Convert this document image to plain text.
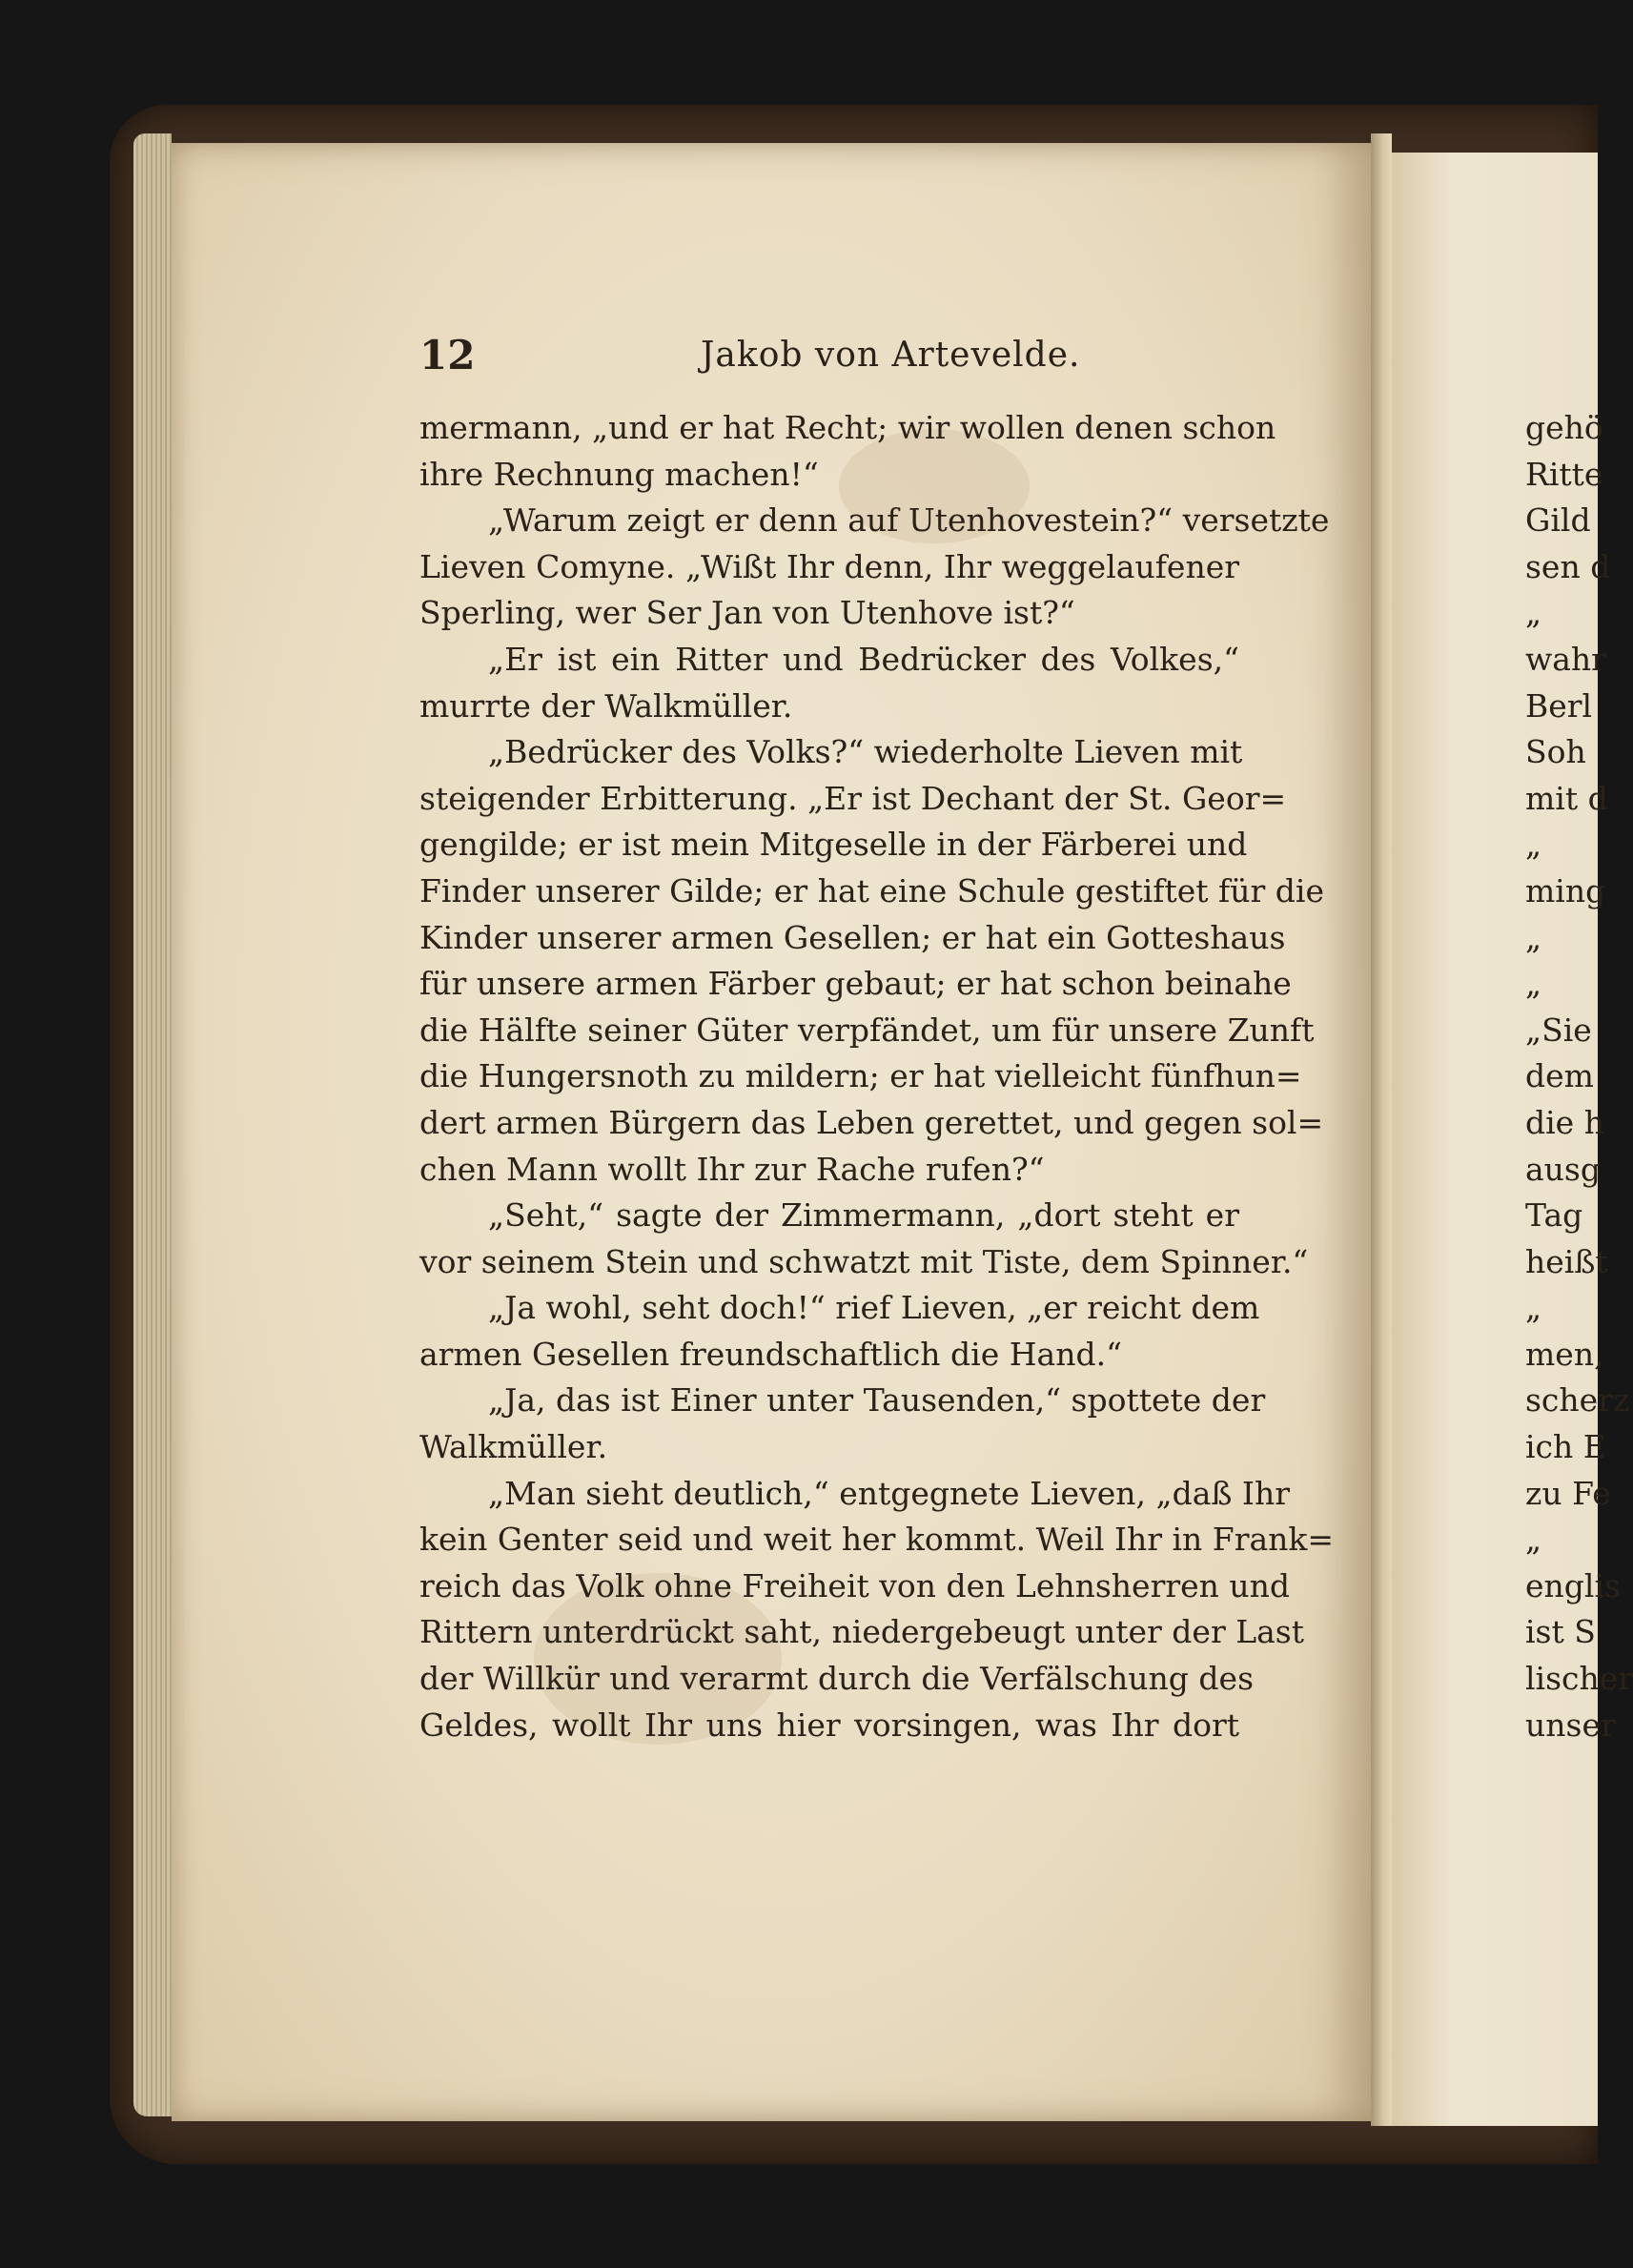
12	Jakob von Artevelde.
mermann, „und er hat Recht; wir wollen denen schon
ihre Rechnung machen!“
„Warum zeigt er denn auf Utenhovestein?“ versetzte
Lieven Comyne. „Wißt Ihr denn, Ihr weggelaufener
Sperling, wer Ser Jan von Utenhove ist?“
„Er ist ein Ritter und Bedrücker des Volkes,“
murrte der Walkmüller.
„Bedrücker des Volks?“ wiederholte Lieven mit
steigender Erbitterung. „Er ist Dechant der St. Geor=
gengilde; er ist mein Mitgeselle in der Färberei und
Finder unserer Gilde; er hat eine Schule gestiftet für die
Kinder unserer armen Gesellen; er hat ein Gotteshaus
für unsere armen Färber gebaut; er hat schon beinahe
die Hälfte seiner Güter verpfändet, um für unsere Zunft
die Hungersnoth zu mildern; er hat vielleicht fünfhun=
dert armen Bürgern das Leben gerettet, und gegen sol=
chen Mann wollt Ihr zur Rache rufen?“
„Seht,“ sagte der Zimmermann, „dort steht er
vor seinem Stein und schwatzt mit Tiste, dem Spinner.“
„Ja wohl, seht doch!“ rief Lieven, „er reicht dem
armen Gesellen freundschaftlich die Hand.“
„Ja, das ist Einer unter Tausenden,“ spottete der
Walkmüller.
„Man sieht deutlich,“ entgegnete Lieven, „daß Ihr
kein Genter seid und weit her kommt. Weil Ihr in Frank=
reich das Volk ohne Freiheit von den Lehnsherren und
Rittern unterdrückt saht, niedergebeugt unter der Last
der Willkür und verarmt durch die Verfälschung des
Geldes, wollt Ihr uns hier vorsingen, was Ihr dort
gehö
Ritte
Gild
sen d
„
wahr
Berl
Soh
mit d
„
ming
„
„
„Sie
dem
die h
ausg
Tag
heißt
„
men,
scherz
ich E
zu Fe
„
englis
ist S
lischer
unser
